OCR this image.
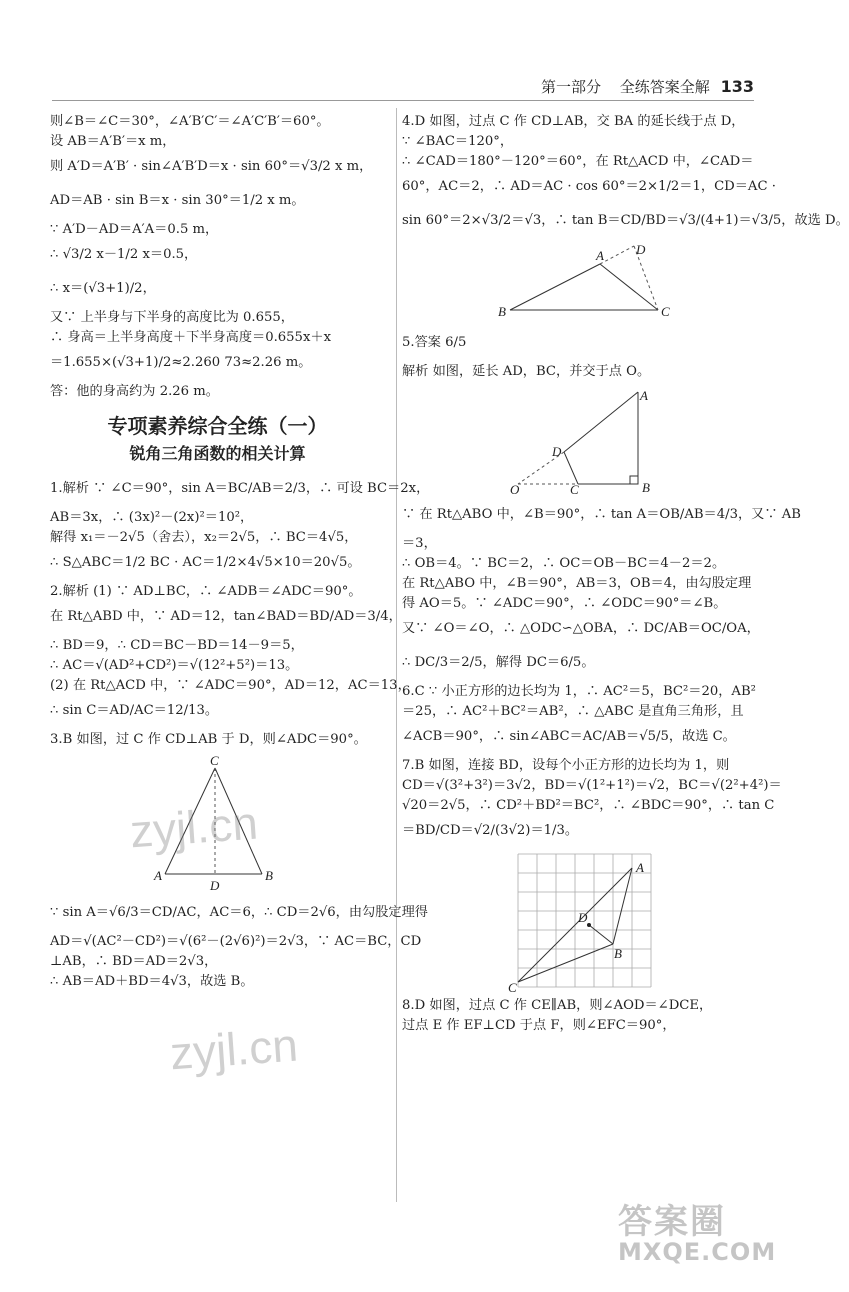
第一部分 全练答案全解 133
则∠B＝∠C＝30°，∠A′B′C′＝∠A′C′B′＝60°。
设 AB＝A′B′＝x m，
则 A′D＝A′B′ · sin∠A′B′D＝x · sin 60°＝√3/2 x m，
AD＝AB · sin B＝x · sin 30°＝1/2 x m。
∵ A′D－AD＝A′A＝0.5 m，
∴ √3/2 x－1/2 x＝0.5，
∴ x＝(√3+1)/2，
又∵ 上半身与下半身的高度比为 0.655，
∴ 身高＝上半身高度＋下半身高度＝0.655x＋x
＝1.655×(√3+1)/2≈2.260 73≈2.26 m。
答：他的身高约为 2.26 m。
专项素养综合全练（一）
锐角三角函数的相关计算
1.解析 ∵ ∠C＝90°，sin A＝BC/AB＝2/3，∴ 可设 BC＝2x，
AB＝3x，∴ (3x)²－(2x)²＝10²，
解得 x₁＝－2√5（舍去），x₂＝2√5，∴ BC＝4√5，
∴ S△ABC＝1/2 BC · AC＝1/2×4√5×10＝20√5。
2.解析 (1) ∵ AD⊥BC，∴ ∠ADB＝∠ADC＝90°。
在 Rt△ABD 中，∵ AD＝12，tan∠BAD＝BD/AD＝3/4，
∴ BD＝9，∴ CD＝BC－BD＝14－9＝5，
∴ AC＝√(AD²+CD²)＝√(12²+5²)＝13。
(2) 在 Rt△ACD 中，∵ ∠ADC＝90°，AD＝12，AC＝13，
∴ sin C＝AD/AC＝12/13。
3.B 如图，过 C 作 CD⊥AB 于 D，则∠ADC＝90°。
C
A	B
D
∵ sin A＝√6/3＝CD/AC，AC＝6，∴ CD＝2√6，由勾股定理得
AD＝√(AC²－CD²)＝√(6²－(2√6)²)＝2√3，∵ AC＝BC，CD
⊥AB，∴ BD＝AD＝2√3，
∴ AB＝AD＋BD＝4√3，故选 B。
4.D 如图，过点 C 作 CD⊥AB，交 BA 的延长线于点 D，
∵ ∠BAC＝120°，
∴ ∠CAD＝180°－120°＝60°，在 Rt△ACD 中，∠CAD＝
60°，AC＝2，∴ AD＝AC · cos 60°＝2×1/2＝1，CD＝AC ·
sin 60°＝2×√3/2＝√3，∴ tan B＝CD/BD＝√3/(4+1)＝√3/5，故选 D。
A D
B	C
5.答案 6/5
解析 如图，延长 AD，BC，并交于点 O。
A
D
C	B
O
∵ 在 Rt△ABO 中，∠B＝90°，∴ tan A＝OB/AB＝4/3，又∵ AB
＝3，
∴ OB＝4。∵ BC＝2，∴ OC＝OB－BC＝4－2＝2。
在 Rt△ABO 中，∠B＝90°，AB＝3，OB＝4，由勾股定理
得 AO＝5。∵ ∠ADC＝90°，∴ ∠ODC＝90°＝∠B。
又∵ ∠O＝∠O，∴ △ODC∽△OBA，∴ DC/AB＝OC/OA，
∴ DC/3＝2/5，解得 DC＝6/5。
6.C ∵ 小正方形的边长均为 1，∴ AC²＝5，BC²＝20，AB²
＝25，∴ AC²＋BC²＝AB²，∴ △ABC 是直角三角形，且
∠ACB＝90°，∴ sin∠ABC＝AC/AB＝√5/5，故选 C。
7.B 如图，连接 BD，设每个小正方形的边长均为 1，则
CD＝√(3²+3²)＝3√2，BD＝√(1²+1²)＝√2，BC＝√(2²+4²)＝
√20＝2√5，∴ CD²＋BD²＝BC²，∴ ∠BDC＝90°，∴ tan C
＝BD/CD＝√2/(3√2)＝1/3。
A
D
B
C
8.D 如图，过点 C 作 CE∥AB，则∠AOD＝∠DCE，
过点 E 作 EF⊥CD 于点 F，则∠EFC＝90°，
zyjl.cn
zyjl.cn
答案圈
MXQE.COM
